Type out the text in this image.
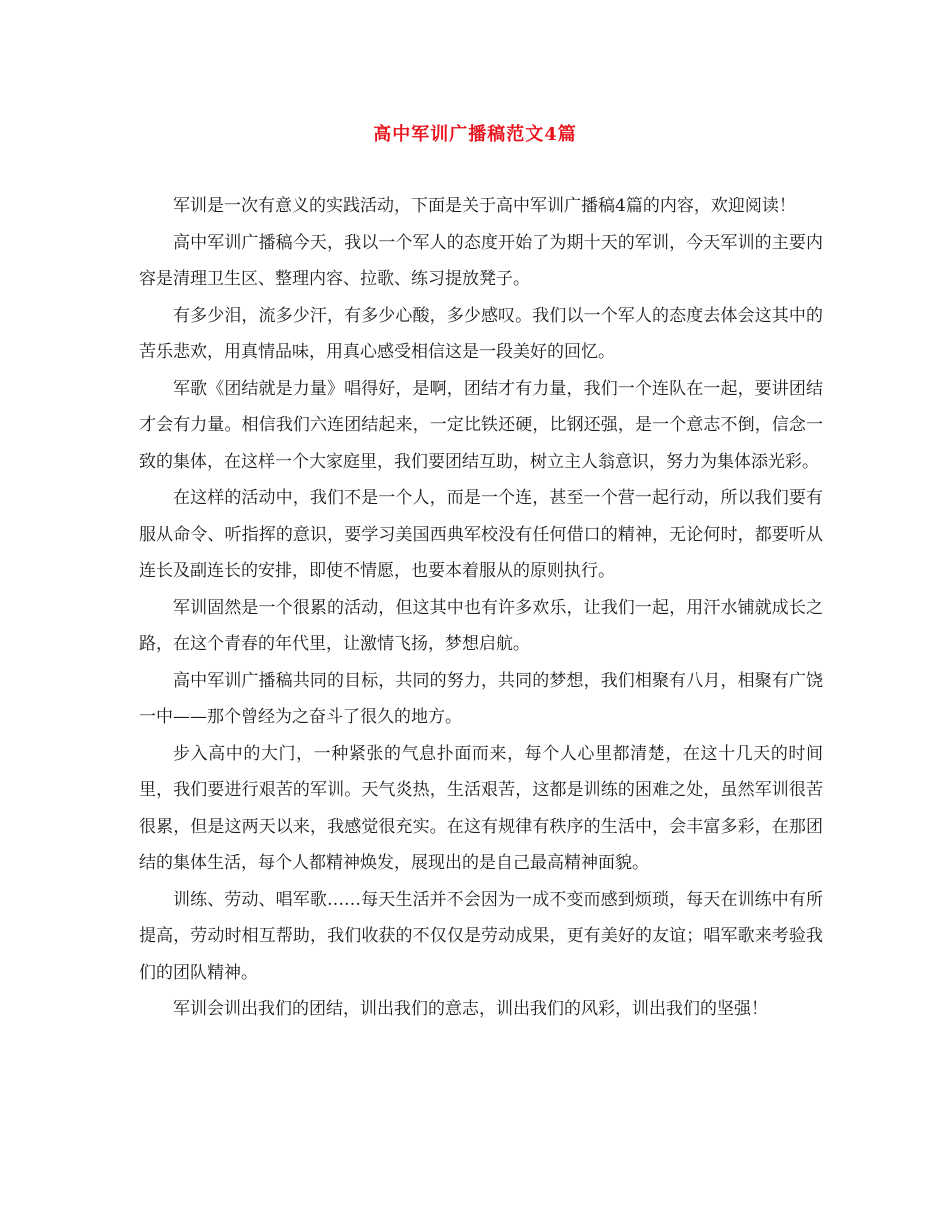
高中军训广播稿范文4篇

军训是一次有意义的实践活动，下面是关于高中军训广播稿4篇的内容，欢迎阅读！

高中军训广播稿今天，我以一个军人的态度开始了为期十天的军训，今天军训的主要内容是清理卫生区、整理内容、拉歌、练习提放凳子。

有多少泪，流多少汗，有多少心酸，多少感叹。我们以一个军人的态度去体会这其中的苦乐悲欢，用真情品味，用真心感受相信这是一段美好的回忆。

军歌《团结就是力量》唱得好，是啊，团结才有力量，我们一个连队在一起，要讲团结才会有力量。相信我们六连团结起来，一定比铁还硬，比钢还强，是一个意志不倒，信念一致的集体，在这样一个大家庭里，我们要团结互助，树立主人翁意识，努力为集体添光彩。

在这样的活动中，我们不是一个人，而是一个连，甚至一个营一起行动，所以我们要有服从命令、听指挥的意识，要学习美国西典军校没有任何借口的精神，无论何时，都要听从连长及副连长的安排，即使不情愿，也要本着服从的原则执行。

军训固然是一个很累的活动，但这其中也有许多欢乐，让我们一起，用汗水铺就成长之路，在这个青春的年代里，让激情飞扬，梦想启航。

高中军训广播稿共同的目标，共同的努力，共同的梦想，我们相聚有八月，相聚有广饶一中——那个曾经为之奋斗了很久的地方。

步入高中的大门，一种紧张的气息扑面而来，每个人心里都清楚，在这十几天的时间里，我们要进行艰苦的军训。天气炎热，生活艰苦，这都是训练的困难之处，虽然军训很苦很累，但是这两天以来，我感觉很充实。在这有规律有秩序的生活中，会丰富多彩，在那团结的集体生活，每个人都精神焕发，展现出的是自己最高精神面貌。

训练、劳动、唱军歌……每天生活并不会因为一成不变而感到烦琐，每天在训练中有所提高，劳动时相互帮助，我们收获的不仅仅是劳动成果，更有美好的友谊；唱军歌来考验我们的团队精神。

军训会训出我们的团结，训出我们的意志，训出我们的风彩，训出我们的坚强！
